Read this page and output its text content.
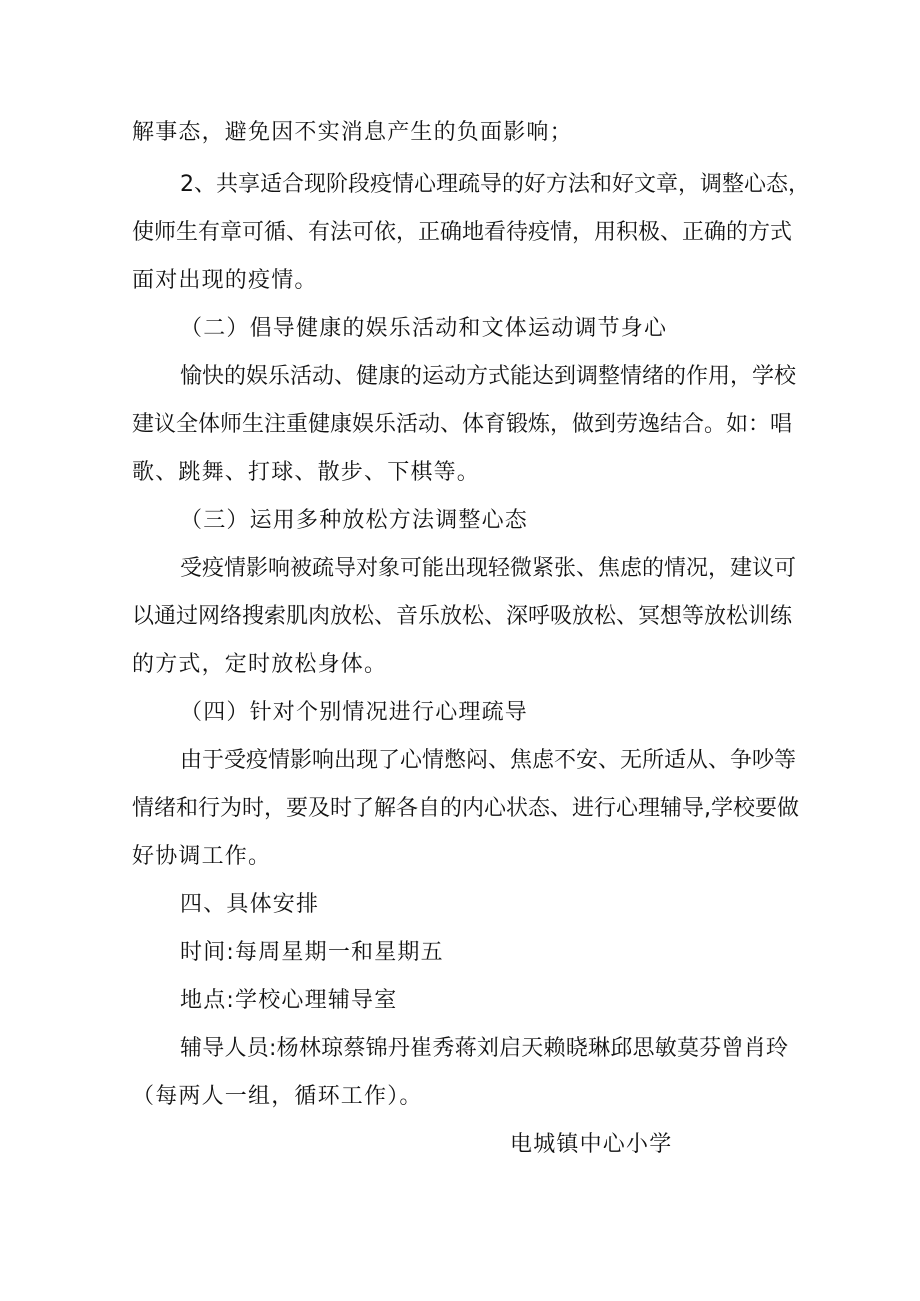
解事态，避免因不实消息产生的负面影响；
2、共享适合现阶段疫情心理疏导的好方法和好文章，调整心态，
使师生有章可循、有法可依，正确地看待疫情，用积极、正确的方式
面对出现的疫情。
（二）倡导健康的娱乐活动和文体运动调节身心
愉快的娱乐活动、健康的运动方式能达到调整情绪的作用，学校
建议全体师生注重健康娱乐活动、体育锻炼，做到劳逸结合。如：唱
歌、跳舞、打球、散步、下棋等。
（三）运用多种放松方法调整心态
受疫情影响被疏导对象可能出现轻微紧张、焦虑的情况，建议可
以通过网络搜索肌肉放松、音乐放松、深呼吸放松、冥想等放松训练
的方式，定时放松身体。
（四）针对个别情况进行心理疏导
由于受疫情影响出现了心情憋闷、焦虑不安、无所适从、争吵等
情绪和行为时，要及时了解各自的内心状态、进行心理辅导,学校要做
好协调工作。
四、具体安排
时间:每周星期一和星期五
地点:学校心理辅导室
辅导人员:杨林琼蔡锦丹崔秀蒋刘启天赖晓琳邱思敏莫芬曾肖玲
（每两人一组，循环工作）。
电城镇中心小学
